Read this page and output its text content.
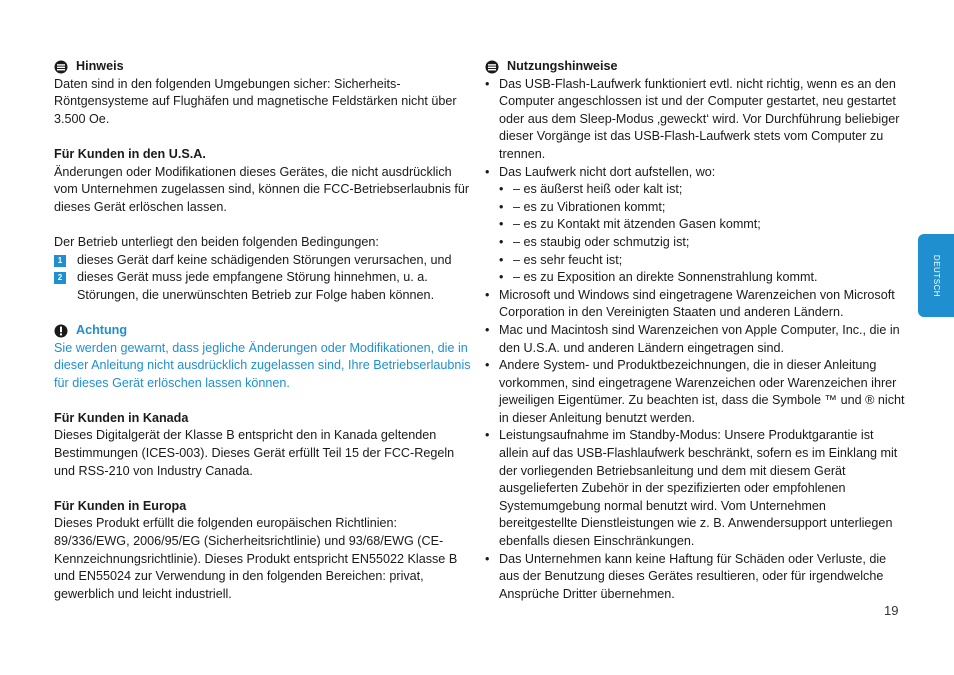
Hinweis

Daten sind in den folgenden Umgebungen sicher: Sicherheits-Röntgensysteme auf Flughäfen und magnetische Feldstärken nicht über 3.500 Oe.

Für Kunden in den U.S.A.

Änderungen oder Modifikationen dieses Gerätes, die nicht ausdrücklich vom Unternehmen zugelassen sind, können die FCC-Betriebserlaubnis für dieses Gerät erlöschen lassen.

Der Betrieb unterliegt den beiden folgenden Bedingungen:

1	dieses Gerät darf keine schädigenden Störungen verursachen, und
2	dieses Gerät muss jede empfangene Störung hinnehmen, u. a. Störungen, die unerwünschten Betrieb zur Folge haben können.
Achtung

Sie werden gewarnt, dass jegliche Änderungen oder Modifikationen, die in dieser Anleitung nicht ausdrücklich zugelassen sind, Ihre Betriebserlaubnis für dieses Gerät erlöschen lassen können.

Für Kunden in Kanada

Dieses Digitalgerät der Klasse B entspricht den in Kanada geltenden Bestimmungen (ICES-003). Dieses Gerät erfüllt Teil 15 der FCC-Regeln und RSS-210 von Industry Canada.

Für Kunden in Europa

Dieses Produkt erfüllt die folgenden europäischen Richtlinien: 89/336/EWG, 2006/95/EG (Sicherheitsrichtlinie) und 93/68/EWG (CE-Kennzeichnungsrichtlinie). Dieses Produkt entspricht EN55022 Klasse B und EN55024 zur Verwendung in den folgenden Bereichen: privat, gewerblich und leicht industriell.

Nutzungshinweise
• Das USB-Flash-Laufwerk funktioniert evtl. nicht richtig, wenn es an den Computer angeschlossen ist und der Computer gestartet, neu gestartet oder aus dem Sleep-Modus ‚geweckt‘ wird. Vor Durchführung beliebiger dieser Vorgänge ist das USB-Flash-Laufwerk stets vom Computer zu trennen.
• Das Laufwerk nicht dort aufstellen, wo:
• – es äußerst heiß oder kalt ist;
• – es zu Vibrationen kommt;
• – es zu Kontakt mit ätzenden Gasen kommt;
• – es staubig oder schmutzig ist;
• – es sehr feucht ist;
• – es zu Exposition an direkte Sonnenstrahlung kommt.
• Microsoft und Windows sind eingetragene Warenzeichen von Microsoft Corporation in den Vereinigten Staaten und anderen Ländern.
• Mac und Macintosh sind Warenzeichen von Apple Computer, Inc., die in den U.S.A. und anderen Ländern eingetragen sind.
• Andere System- und Produktbezeichnungen, die in dieser Anleitung vorkommen, sind eingetragene Warenzeichen oder Warenzeichen ihrer jeweiligen Eigentümer. Zu beachten ist, dass die Symbole ™ und ® nicht in dieser Anleitung benutzt werden.
• Leistungsaufnahme im Standby-Modus: Unsere Produktgarantie ist allein auf das USB-Flashlaufwerk beschränkt, sofern es im Einklang mit der vorliegenden Betriebsanleitung und dem mit diesem Gerät ausgelieferten Zubehör in der spezifizierten oder empfohlenen Systemumgebung normal benutzt wird. Vom Unternehmen bereitgestellte Dienstleistungen wie z. B. Anwendersupport unterliegen ebenfalls diesen Einschränkungen.
• Das Unternehmen kann keine Haftung für Schäden oder Verluste, die aus der Benutzung dieses Gerätes resultieren, oder für irgendwelche Ansprüche Dritter übernehmen.
DEUTSCH
19
